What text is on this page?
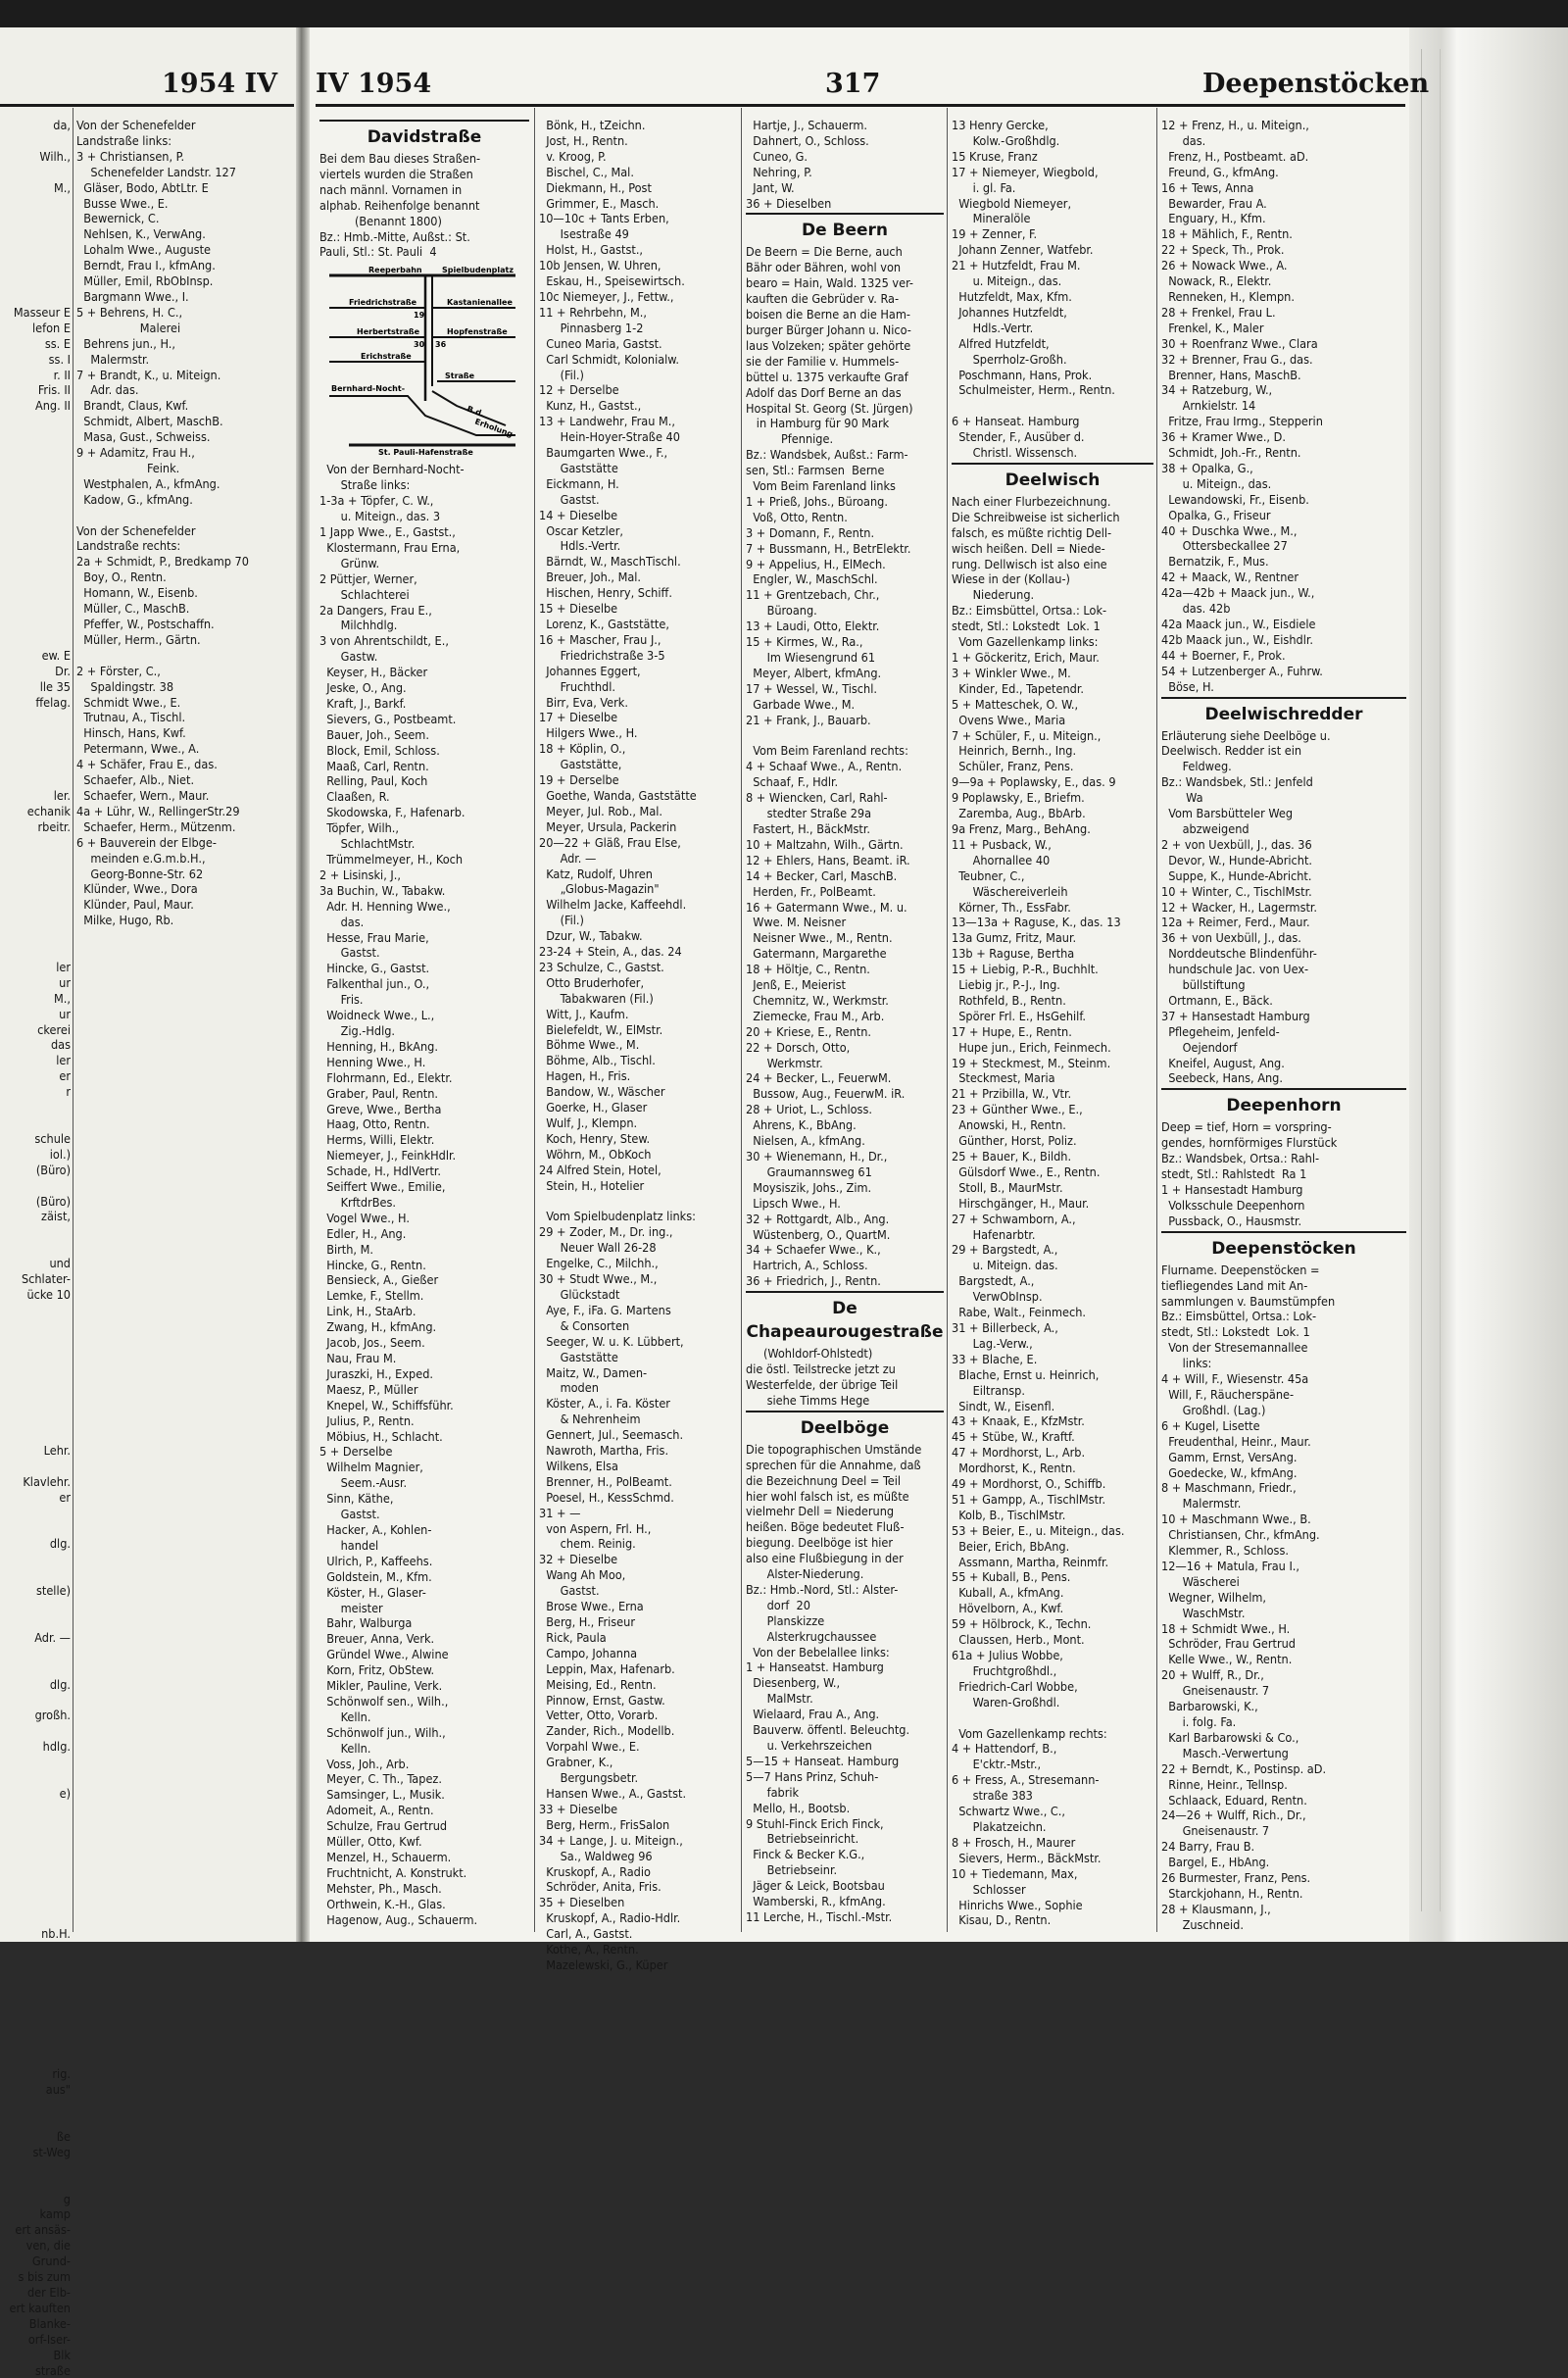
1954 IV IV 1954	317	Deepenstöcken
da,

Wilh.,

M.,

Masseur E
lefon E
ss. E
ss. I
r. II
Fris. II
Ang. II

ew. E
Dr.
lle 35
ffelag.

ler.
echanik
rbeitr.

ler
ur
M.,
ur
ckerei
das
ler
er
r

schule
iol.)
(Büro)

(Büro)
zäist,

und
Schlater-
ücke 10

Lehr.

Klavlehr.
er

dlg.

stelle)

Adr. —

dlg.

großh.

hdlg.

e)

nb.H.

rig.
aus"

ße
st-Weg

g
kamp
ert ansäs-
ven, die
Grund-
s bis zum
der Elb-
ert kauften
Blanke-
orf-Iser-
Blk
straße
Von der Schenefelder
Landstraße links:
3 + Christiansen, P.
Schenefelder Landstr. 127
Gläser, Bodo, AbtLtr. E
Busse Wwe., E.
Bewernick, C.
Nehlsen, K., VerwAng.
Lohalm Wwe., Auguste
Berndt, Frau I., kfmAng.
Müller, Emil, RbObInsp.
Bargmann Wwe., I.
5 + Behrens, H. C.,
Malerei
Behrens jun., H.,
Malermstr.
7 + Brandt, K., u. Miteign.
Adr. das.
Brandt, Claus, Kwf.
Schmidt, Albert, MaschB.
Masa, Gust., Schweiss.
9 + Adamitz, Frau H.,
Feink.
Westphalen, A., kfmAng.
Kadow, G., kfmAng.

Von der Schenefelder
Landstraße rechts:
2a + Schmidt, P., Bredkamp 70
Boy, O., Rentn.
Homann, W., Eisenb.
Müller, C., MaschB.
Pfeffer, W., Postschaffn.
Müller, Herm., Gärtn.

2 + Förster, C.,
Spaldingstr. 38
Schmidt Wwe., E.
Trutnau, A., Tischl.
Hinsch, Hans, Kwf.
Petermann, Wwe., A.
4 + Schäfer, Frau E., das.
Schaefer, Alb., Niet.
Schaefer, Wern., Maur.
4a + Lühr, W., RellingerStr.29
Schaefer, Herm., Mützenm.
6 + Bauverein der Elbge-
meinden e.G.m.b.H.,
Georg-Bonne-Str. 62
Klünder, Wwe., Dora
Klünder, Paul, Maur.
Milke, Hugo, Rb.
Davidstraße
Bei dem Bau dieses Straßen-
viertels wurden die Straßen
nach männl. Vornamen in
alphab. Reihenfolge benannt
(Benannt 1800)
Bz.: Hmb.-Mitte, Außst.: St.
Pauli, Stl.: St. Pauli  4
Reeperbahn	Spielbudenplatz
Friedrichstraße	Kastanienallee
Herbertstraße	Hopfenstraße
Erichstraße
19
30 36
Bernhard-Nocht-
Straße
B.d.
Erholung
St. Pauli-Hafenstraße
Von der Bernhard-Nocht-
Straße links:
1-3a + Töpfer, C. W.,
u. Miteign., das. 3
1 Japp Wwe., E., Gastst.,
Klostermann, Frau Erna,
Grünw.
2 Püttjer, Werner,
Schlachterei
2a Dangers, Frau E.,
Milchhdlg.
3 von Ahrentschildt, E.,
Gastw.
Keyser, H., Bäcker
Jeske, O., Ang.
Kraft, J., Barkf.
Sievers, G., Postbeamt.
Bauer, Joh., Seem.
Block, Emil, Schloss.
Maaß, Carl, Rentn.
Relling, Paul, Koch
Claaßen, R.
Skodowska, F., Hafenarb.
Töpfer, Wilh.,
SchlachtMstr.
Trümmelmeyer, H., Koch
2 + Lisinski, J.,
3a Buchin, W., Tabakw.
Adr. H. Henning Wwe.,
das.
Hesse, Frau Marie,
Gastst.
Hincke, G., Gastst.
Falkenthal jun., O.,
Fris.
Woidneck Wwe., L.,
Zig.-Hdlg.
Henning, H., BkAng.
Henning Wwe., H.
Flohrmann, Ed., Elektr.
Graber, Paul, Rentn.
Greve, Wwe., Bertha
Haag, Otto, Rentn.
Herms, Willi, Elektr.
Niemeyer, J., FeinkHdlr.
Schade, H., HdlVertr.
Seiffert Wwe., Emilie,
KrftdrBes.
Vogel Wwe., H.
Edler, H., Ang.
Birth, M.
Hincke, G., Rentn.
Bensieck, A., Gießer
Lemke, F., Stellm.
Link, H., StaArb.
Zwang, H., kfmAng.
Jacob, Jos., Seem.
Nau, Frau M.
Juraszki, H., Exped.
Maesz, P., Müller
Knepel, W., Schiffsführ.
Julius, P., Rentn.
Möbius, H., Schlacht.
5 + Derselbe
Wilhelm Magnier,
Seem.-Ausr.
Sinn, Käthe,
Gastst.
Hacker, A., Kohlen-
handel
Ulrich, P., Kaffeehs.
Goldstein, M., Kfm.
Köster, H., Glaser-
meister
Bahr, Walburga
Breuer, Anna, Verk.
Gründel Wwe., Alwine
Korn, Fritz, ObStew.
Mikler, Pauline, Verk.
Schönwolf sen., Wilh.,
Kelln.
Schönwolf jun., Wilh.,
Kelln.
Voss, Joh., Arb.
Meyer, C. Th., Tapez.
Samsinger, L., Musik.
Adomeit, A., Rentn.
Schulze, Frau Gertrud
Müller, Otto, Kwf.
Menzel, H., Schauerm.
Fruchtnicht, A. Konstrukt.
Mehster, Ph., Masch.
Orthwein, K.-H., Glas.
Hagenow, Aug., Schauerm.
Bönk, H., tZeichn.
Jost, H., Rentn.
v. Kroog, P.
Bischel, C., Mal.
Diekmann, H., Post
Grimmer, E., Masch.
10—10c + Tants Erben,
Isestraße 49
Holst, H., Gastst.,
10b Jensen, W. Uhren,
Eskau, H., Speisewirtsch.
10c Niemeyer, J., Fettw.,
11 + Rehrbehn, M.,
Pinnasberg 1-2
Cuneo Maria, Gastst.
Carl Schmidt, Kolonialw.
(Fil.)
12 + Derselbe
Kunz, H., Gastst.,
13 + Landwehr, Frau M.,
Hein-Hoyer-Straße 40
Baumgarten Wwe., F.,
Gaststätte
Eickmann, H.
Gastst.
14 + Dieselbe
Oscar Ketzler,
Hdls.-Vertr.
Bärndt, W., MaschTischl.
Breuer, Joh., Mal.
Hischen, Henry, Schiff.
15 + Dieselbe
Lorenz, K., Gaststätte,
16 + Mascher, Frau J.,
Friedrichstraße 3-5
Johannes Eggert,
Fruchthdl.
Birr, Eva, Verk.
17 + Dieselbe
Hilgers Wwe., H.
18 + Köplin, O.,
Gaststätte,
19 + Derselbe
Goethe, Wanda, Gaststätte
Meyer, Jul. Rob., Mal.
Meyer, Ursula, Packerin
20—22 + Gläß, Frau Else,
Adr. —
Katz, Rudolf, Uhren
„Globus-Magazin"
Wilhelm Jacke, Kaffeehdl.
(Fil.)
Dzur, W., Tabakw.
23-24 + Stein, A., das. 24
23 Schulze, C., Gastst.
Otto Bruderhofer,
Tabakwaren (Fil.)
Witt, J., Kaufm.
Bielefeldt, W., ElMstr.
Böhme Wwe., M.
Böhme, Alb., Tischl.
Hagen, H., Fris.
Bandow, W., Wäscher
Goerke, H., Glaser
Wulf, J., Klempn.
Koch, Henry, Stew.
Wöhrn, M., ObKoch
24 Alfred Stein, Hotel,
Stein, H., Hotelier

Vom Spielbudenplatz links:
29 + Zoder, M., Dr. ing.,
Neuer Wall 26-28
Engelke, C., Milchh.,
30 + Studt Wwe., M.,
Glückstadt
Aye, F., iFa. G. Martens
& Consorten
Seeger, W. u. K. Lübbert,
Gaststätte
Maitz, W., Damen-
moden
Köster, A., i. Fa. Köster
& Nehrenheim
Gennert, Jul., Seemasch.
Nawroth, Martha, Fris.
Wilkens, Elsa
Brenner, H., PolBeamt.
Poesel, H., KessSchmd.
31 + —
von Aspern, Frl. H.,
chem. Reinig.
32 + Dieselbe
Wang Ah Moo,
Gastst.
Brose Wwe., Erna
Berg, H., Friseur
Rick, Paula
Campo, Johanna
Leppin, Max, Hafenarb.
Meising, Ed., Rentn.
Pinnow, Ernst, Gastw.
Vetter, Otto, Vorarb.
Zander, Rich., Modellb.
Vorpahl Wwe., E.
Grabner, K.,
Bergungsbetr.
Hansen Wwe., A., Gastst.
33 + Dieselbe
Berg, Herm., FrisSalon
34 + Lange, J. u. Miteign.,
Sa., Waldweg 96
Kruskopf, A., Radio
Schröder, Anita, Fris.
35 + Dieselben
Kruskopf, A., Radio-Hdlr.
Carl, A., Gastst.
Kothe, A., Rentn.
Mazelewski, G., Küper
Hartje, J., Schauerm.
Dahnert, O., Schloss.
Cuneo, G.
Nehring, P.
Jant, W.
36 + Dieselben
De Beern
De Beern = Die Berne, auch
Bähr oder Bähren, wohl von
bearo = Hain, Wald. 1325 ver-
kauften die Gebrüder v. Ra-
boisen die Berne an die Ham-
burger Bürger Johann u. Nico-
laus Volzeken; später gehörte
sie der Familie v. Hummels-
büttel u. 1375 verkaufte Graf
Adolf das Dorf Berne an das
Hospital St. Georg (St. Jürgen)
in Hamburg für 90 Mark
Pfennige.
Bz.: Wandsbek, Außst.: Farm-
sen, Stl.: Farmsen  Berne
Vom Beim Farenland links
1 + Prieß, Johs., Büroang.
Voß, Otto, Rentn.
3 + Domann, F., Rentn.
7 + Bussmann, H., BetrElektr.
9 + Appelius, H., ElMech.
Engler, W., MaschSchl.
11 + Grentzebach, Chr.,
Büroang.
13 + Laudi, Otto, Elektr.
15 + Kirmes, W., Ra.,
Im Wiesengrund 61
Meyer, Albert, kfmAng.
17 + Wessel, W., Tischl.
Garbade Wwe., M.
21 + Frank, J., Bauarb.

Vom Beim Farenland rechts:
4 + Schaaf Wwe., A., Rentn.
Schaaf, F., Hdlr.
8 + Wiencken, Carl, Rahl-
stedter Straße 29a
Fastert, H., BäckMstr.
10 + Maltzahn, Wilh., Gärtn.
12 + Ehlers, Hans, Beamt. iR.
14 + Becker, Carl, MaschB.
Herden, Fr., PolBeamt.
16 + Gatermann Wwe., M. u.
Wwe. M. Neisner
Neisner Wwe., M., Rentn.
Gatermann, Margarethe
18 + Höltje, C., Rentn.
Jenß, E., Meierist
Chemnitz, W., Werkmstr.
Ziemecke, Frau M., Arb.
20 + Kriese, E., Rentn.
22 + Dorsch, Otto,
Werkmstr.
24 + Becker, L., FeuerwM.
Bussow, Aug., FeuerwM. iR.
28 + Uriot, L., Schloss.
Ahrens, K., BbAng.
Nielsen, A., kfmAng.
30 + Wienemann, H., Dr.,
Graumannsweg 61
Moysiszik, Johs., Zim.
Lipsch Wwe., H.
32 + Rottgardt, Alb., Ang.
Wüstenberg, O., QuartM.
34 + Schaefer Wwe., K.,
Hartrich, A., Schloss.
36 + Friedrich, J., Rentn.
De Chapeaurougestraße
(Wohldorf-Ohlstedt)
die östl. Teilstrecke jetzt zu
Westerfelde, der übrige Teil
siehe Timms Hege
Deelböge
Die topographischen Umstände
sprechen für die Annahme, daß
die Bezeichnung Deel = Teil
hier wohl falsch ist, es müßte
vielmehr Dell = Niederung
heißen. Böge bedeutet Fluß-
biegung. Deelböge ist hier
also eine Flußbiegung in der
Alster-Niederung.
Bz.: Hmb.-Nord, Stl.: Alster-
dorf  20
Planskizze
Alsterkrugchaussee
Von der Bebelallee links:
1 + Hanseatst. Hamburg
Diesenberg, W.,
MalMstr.
Wielaard, Frau A., Ang.
Bauverw. öffentl. Beleuchtg.
u. Verkehrszeichen
5—15 + Hanseat. Hamburg
5—7 Hans Prinz, Schuh-
fabrik
Mello, H., Bootsb.
9 Stuhl-Finck Erich Finck,
Betriebseinricht.
Finck & Becker K.G.,
Betriebseinr.
Jäger & Leick, Bootsbau
Wamberski, R., kfmAng.
11 Lerche, H., Tischl.-Mstr.
13 Henry Gercke,
Kolw.-Großhdlg.
15 Kruse, Franz
17 + Niemeyer, Wiegbold,
i. gl. Fa.
Wiegbold Niemeyer,
Mineralöle
19 + Zenner, F.
Johann Zenner, Watfebr.
21 + Hutzfeldt, Frau M.
u. Miteign., das.
Hutzfeldt, Max, Kfm.
Johannes Hutzfeldt,
Hdls.-Vertr.
Alfred Hutzfeldt,
Sperrholz-Großh.
Poschmann, Hans, Prok.
Schulmeister, Herm., Rentn.

6 + Hanseat. Hamburg
Stender, F., Ausüber d.
Christl. Wissensch.
Deelwisch
Nach einer Flurbezeichnung.
Die Schreibweise ist sicherlich
falsch, es müßte richtig Dell-
wisch heißen. Dell = Niede-
rung. Dellwisch ist also eine
Wiese in der (Kollau-)
Niederung.
Bz.: Eimsbüttel, Ortsa.: Lok-
stedt, Stl.: Lokstedt  Lok. 1
Vom Gazellenkamp links:
1 + Göckeritz, Erich, Maur.
3 + Winkler Wwe., M.
Kinder, Ed., Tapetendr.
5 + Matteschek, O. W.,
Ovens Wwe., Maria
7 + Schüler, F., u. Miteign.,
Heinrich, Bernh., Ing.
Schüler, Franz, Pens.
9—9a + Poplawsky, E., das. 9
9 Poplawsky, E., Briefm.
Zaremba, Aug., BbArb.
9a Frenz, Marg., BehAng.
11 + Pusback, W.,
Ahornallee 40
Teubner, C.,
Wäschereiverleih
Körner, Th., EssFabr.
13—13a + Raguse, K., das. 13
13a Gumz, Fritz, Maur.
13b + Raguse, Bertha
15 + Liebig, P.-R., Buchhlt.
Liebig jr., P.-J., Ing.
Rothfeld, B., Rentn.
Spörer Frl. E., HsGehilf.
17 + Hupe, E., Rentn.
Hupe jun., Erich, Feinmech.
19 + Steckmest, M., Steinm.
Steckmest, Maria
21 + Przibilla, W., Vtr.
23 + Günther Wwe., E.,
Anowski, H., Rentn.
Günther, Horst, Poliz.
25 + Bauer, K., Bildh.
Gülsdorf Wwe., E., Rentn.
Stoll, B., MaurMstr.
Hirschgänger, H., Maur.
27 + Schwamborn, A.,
Hafenarbtr.
29 + Bargstedt, A.,
u. Miteign. das.
Bargstedt, A.,
VerwObInsp.
Rabe, Walt., Feinmech.
31 + Billerbeck, A.,
Lag.-Verw.,
33 + Blache, E.
Blache, Ernst u. Heinrich,
Eiltransp.
Sindt, W., Eisenfl.
43 + Knaak, E., KfzMstr.
45 + Stübe, W., Kraftf.
47 + Mordhorst, L., Arb.
Mordhorst, K., Rentn.
49 + Mordhorst, O., Schiffb.
51 + Gampp, A., TischlMstr.
Kolb, B., TischlMstr.
53 + Beier, E., u. Miteign., das.
Beier, Erich, BbAng.
Assmann, Martha, Reinmfr.
55 + Kuball, B., Pens.
Kuball, A., kfmAng.
Hövelborn, A., Kwf.
59 + Hölbrock, K., Techn.
Claussen, Herb., Mont.
61a + Julius Wobbe,
Fruchtgroßhdl.,
Friedrich-Carl Wobbe,
Waren-Großhdl.

Vom Gazellenkamp rechts:
4 + Hattendorf, B.,
E'cktr.-Mstr.,
6 + Fress, A., Stresemann-
straße 383
Schwartz Wwe., C.,
Plakatzeichn.
8 + Frosch, H., Maurer
Sievers, Herm., BäckMstr.
10 + Tiedemann, Max,
Schlosser
Hinrichs Wwe., Sophie
Kisau, D., Rentn.
12 + Frenz, H., u. Miteign.,
das.
Frenz, H., Postbeamt. aD.
Freund, G., kfmAng.
16 + Tews, Anna
Bewarder, Frau A.
Enguary, H., Kfm.
18 + Mählich, F., Rentn.
22 + Speck, Th., Prok.
26 + Nowack Wwe., A.
Nowack, R., Elektr.
Renneken, H., Klempn.
28 + Frenkel, Frau L.
Frenkel, K., Maler
30 + Roenfranz Wwe., Clara
32 + Brenner, Frau G., das.
Brenner, Hans, MaschB.
34 + Ratzeburg, W.,
Arnkielstr. 14
Fritze, Frau Irmg., Stepperin
36 + Kramer Wwe., D.
Schmidt, Joh.-Fr., Rentn.
38 + Opalka, G.,
u. Miteign., das.
Lewandowski, Fr., Eisenb.
Opalka, G., Friseur
40 + Duschka Wwe., M.,
Ottersbeckallee 27
Bernatzik, F., Mus.
42 + Maack, W., Rentner
42a—42b + Maack jun., W.,
das. 42b
42a Maack jun., W., Eisdiele
42b Maack jun., W., Eishdlr.
44 + Boerner, F., Prok.
54 + Lutzenberger A., Fuhrw.
Böse, H.
Deelwischredder
Erläuterung siehe Deelböge u.
Deelwisch. Redder ist ein
Feldweg.
Bz.: Wandsbek, Stl.: Jenfeld
Wa
Vom Barsbütteler Weg
abzweigend
2 + von Uexbüll, J., das. 36
Devor, W., Hunde-Abricht.
Suppe, K., Hunde-Abricht.
10 + Winter, C., TischlMstr.
12 + Wacker, H., Lagermstr.
12a + Reimer, Ferd., Maur.
36 + von Uexbüll, J., das.
Norddeutsche Blindenführ-
hundschule Jac. von Uex-
büllstiftung
Ortmann, E., Bäck.
37 + Hansestadt Hamburg
Pflegeheim, Jenfeld-
Oejendorf
Kneifel, August, Ang.
Seebeck, Hans, Ang.
Deepenhorn
Deep = tief, Horn = vorspring-
gendes, hornförmiges Flurstück
Bz.: Wandsbek, Ortsa.: Rahl-
stedt, Stl.: Rahlstedt  Ra 1
1 + Hansestadt Hamburg
Volksschule Deepenhorn
Pussback, O., Hausmstr.
Deepenstöcken
Flurname. Deepenstöcken =
tiefliegendes Land mit An-
sammlungen v. Baumstümpfen
Bz.: Eimsbüttel, Ortsa.: Lok-
stedt, Stl.: Lokstedt  Lok. 1
Von der Stresemannallee
links:
4 + Will, F., Wiesenstr. 45a
Will, F., Räucherspäne-
Großhdl. (Lag.)
6 + Kugel, Lisette
Freudenthal, Heinr., Maur.
Gamm, Ernst, VersAng.
Goedecke, W., kfmAng.
8 + Maschmann, Friedr.,
Malermstr.
10 + Maschmann Wwe., B.
Christiansen, Chr., kfmAng.
Klemmer, R., Schloss.
12—16 + Matula, Frau I.,
Wäscherei
Wegner, Wilhelm,
WaschMstr.
18 + Schmidt Wwe., H.
Schröder, Frau Gertrud
Kelle Wwe., W., Rentn.
20 + Wulff, R., Dr.,
Gneisenaustr. 7
Barbarowski, K.,
i. folg. Fa.
Karl Barbarowski & Co.,
Masch.-Verwertung
22 + Berndt, K., Postinsp. aD.
Rinne, Heinr., Tellnsp.
Schlaack, Eduard, Rentn.
24—26 + Wulff, Rich., Dr.,
Gneisenaustr. 7
24 Barry, Frau B.
Bargel, E., HbAng.
26 Burmester, Franz, Pens.
Starckjohann, H., Rentn.
28 + Klausmann, J.,
Zuschneid.
